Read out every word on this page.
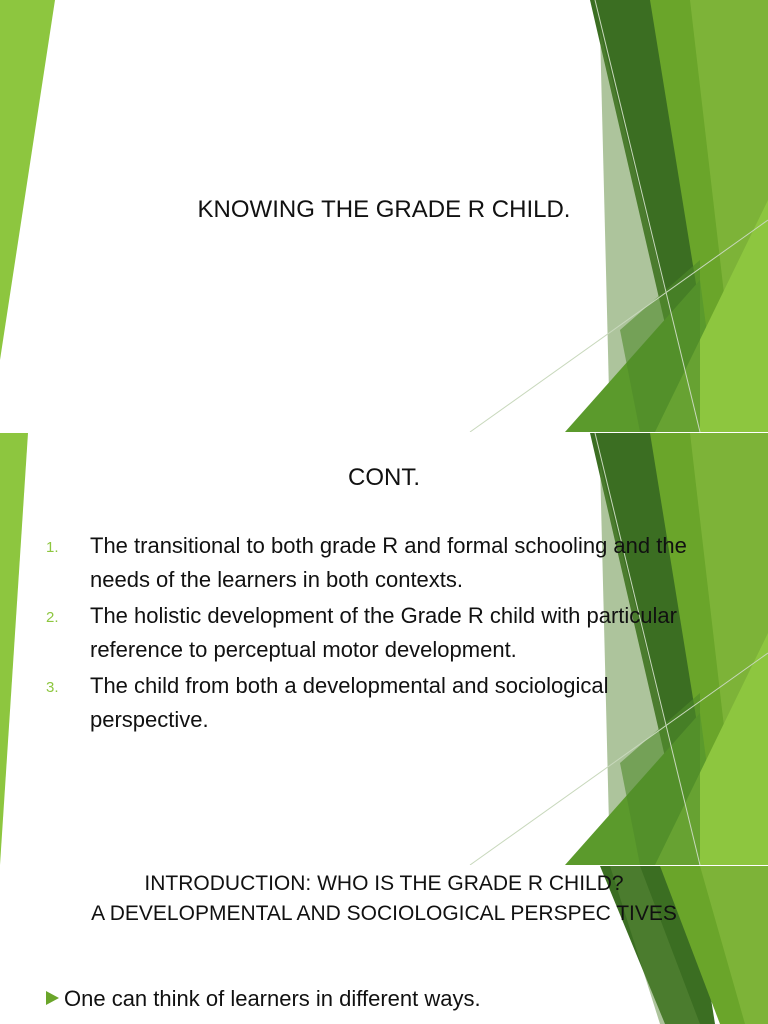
KNOWING THE GRADE R CHILD.
CONT.
1. The transitional to both grade R and formal schooling and the needs of the learners in both contexts.
2. The holistic development of the Grade R child with particular reference to perceptual motor development.
3. The child from both a developmental and sociological perspective.
INTRODUCTION: WHO IS THE GRADE R CHILD?
A DEVELOPMENTAL AND SOCIOLOGICAL PERSPEC TIVES
One can think of learners in different ways.
